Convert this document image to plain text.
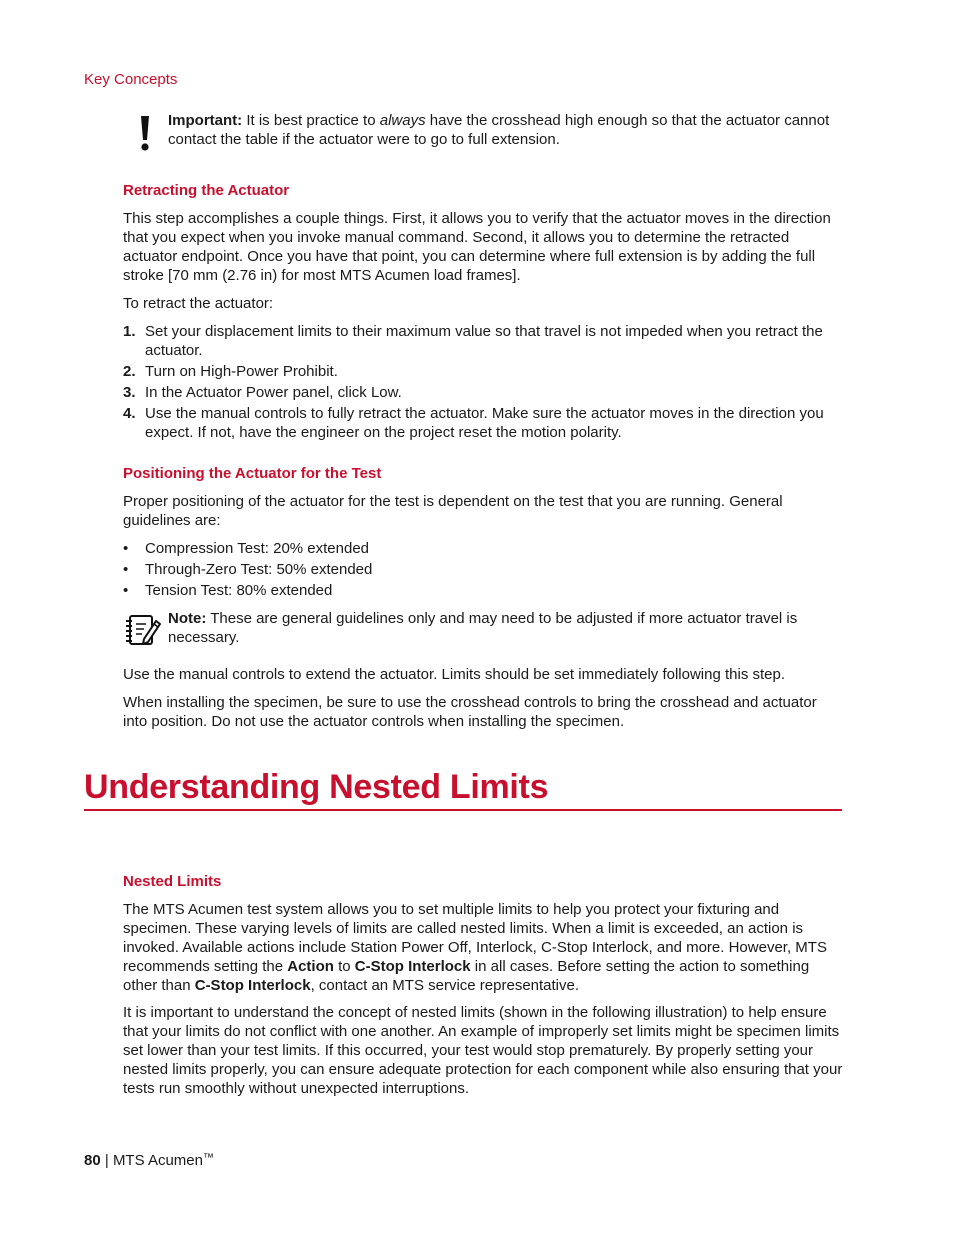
Key Concepts
Important: It is best practice to always have the crosshead high enough so that the actuator cannot contact the table if the actuator were to go to full extension.
Retracting the Actuator
This step accomplishes a couple things. First, it allows you to verify that the actuator moves in the direction that you expect when you invoke manual command. Second, it allows you to determine the retracted actuator endpoint. Once you have that point, you can determine where full extension is by adding the full stroke [70 mm (2.76 in) for most MTS Acumen load frames].
To retract the actuator:
1. Set your displacement limits to their maximum value so that travel is not impeded when you retract the actuator.
2. Turn on High-Power Prohibit.
3. In the Actuator Power panel, click Low.
4. Use the manual controls to fully retract the actuator. Make sure the actuator moves in the direction you expect. If not, have the engineer on the project reset the motion polarity.
Positioning the Actuator for the Test
Proper positioning of the actuator for the test is dependent on the test that you are running. General guidelines are:
• Compression Test: 20% extended
• Through-Zero Test: 50% extended
• Tension Test: 80% extended
Note: These are general guidelines only and may need to be adjusted if more actuator travel is necessary.
Use the manual controls to extend the actuator. Limits should be set immediately following this step.
When installing the specimen, be sure to use the crosshead controls to bring the crosshead and actuator into position. Do not use the actuator controls when installing the specimen.
Understanding Nested Limits
Nested Limits
The MTS Acumen test system allows you to set multiple limits to help you protect your fixturing and specimen. These varying levels of limits are called nested limits. When a limit is exceeded, an action is invoked. Available actions include Station Power Off, Interlock, C-Stop Interlock, and more. However, MTS recommends setting the Action to C-Stop Interlock in all cases. Before setting the action to something other than C-Stop Interlock, contact an MTS service representative.
It is important to understand the concept of nested limits (shown in the following illustration) to help ensure that your limits do not conflict with one another. An example of improperly set limits might be specimen limits set lower than your test limits. If this occurred, your test would stop prematurely. By properly setting your nested limits properly, you can ensure adequate protection for each component while also ensuring that your tests run smoothly without unexpected interruptions.
80 | MTS Acumen™
